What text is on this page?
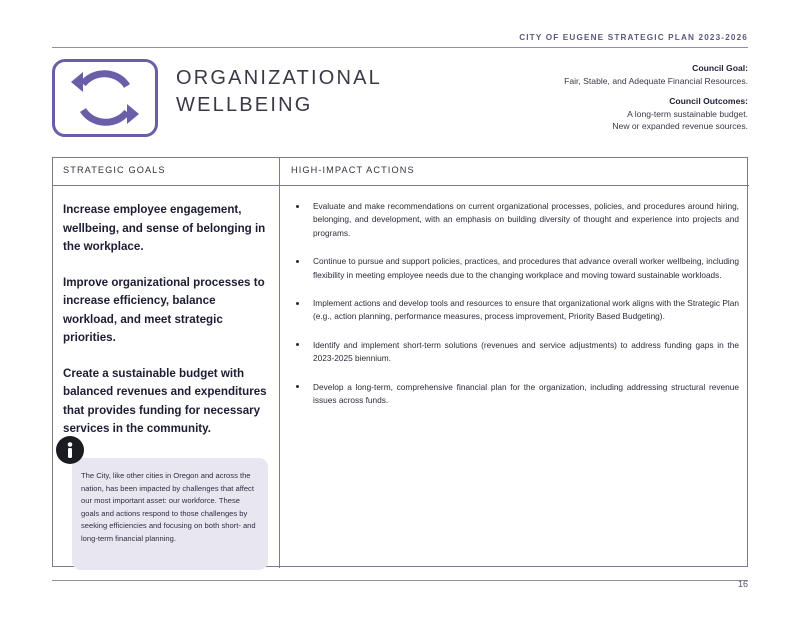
CITY OF EUGENE STRATEGIC PLAN 2023-2026
ORGANIZATIONAL
WELLBEING
Council Goal:
Fair, Stable, and Adequate Financial Resources.
Council Outcomes:
A long-term sustainable budget.
New or expanded revenue sources.
STRATEGIC GOALS	HIGH-IMPACT ACTIONS
Increase employee engagement, wellbeing, and sense of belonging in the workplace.
Improve organizational processes to increase efficiency, balance workload, and meet strategic priorities.
Create a sustainable budget with balanced revenues and expenditures that provides funding for necessary services in the community.
The City, like other cities in Oregon and across the nation, has been impacted by challenges that affect our most important asset: our workforce. These goals and actions respond to those challenges by seeking efficiencies and focusing on both short- and long-term financial planning.
Evaluate and make recommendations on current organizational processes, policies, and procedures around hiring, belonging, and development, with an emphasis on building diversity of thought and experience into projects and programs.
Continue to pursue and support policies, practices, and procedures that advance overall worker wellbeing, including flexibility in meeting employee needs due to the changing workplace and moving toward sustainable workloads.
Implement actions and develop tools and resources to ensure that organizational work aligns with the Strategic Plan (e.g., action planning, performance measures, process improvement, Priority Based Budgeting).
Identify and implement short-term solutions (revenues and service adjustments) to address funding gaps in the 2023-2025 biennium.
Develop a long-term, comprehensive financial plan for the organization, including addressing structural revenue issues across funds.
16
